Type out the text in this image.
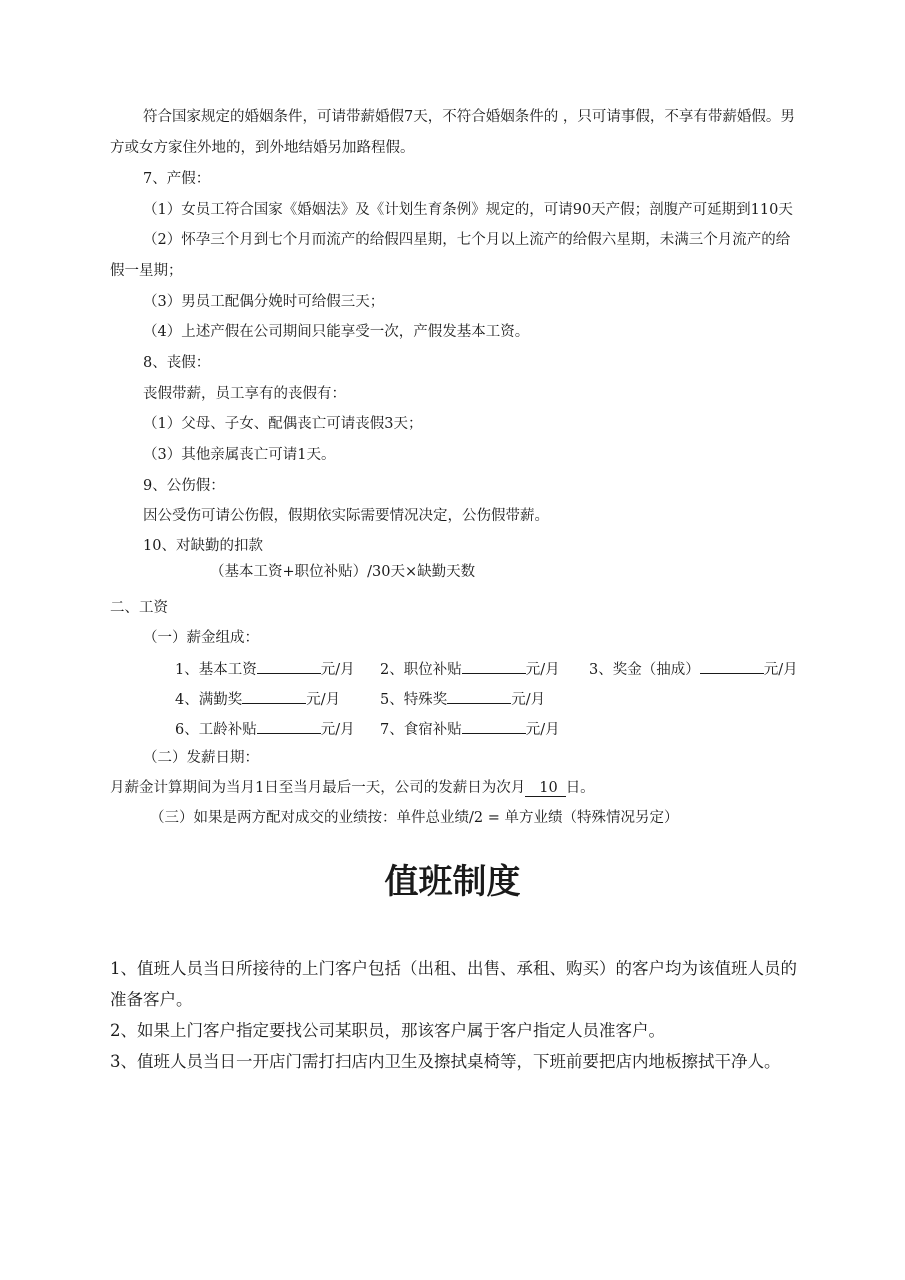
符合国家规定的婚姻条件，可请带薪婚假7天，不符合婚姻条件的 ，只可请事假，不享有带薪婚假。男
方或女方家住外地的，到外地结婚另加路程假。
7、产假：
（1）女员工符合国家《婚姻法》及《计划生育条例》规定的，可请90天产假；剖腹产可延期到110天
（2）怀孕三个月到七个月而流产的给假四星期，七个月以上流产的给假六星期，未满三个月流产的给
假一星期；
（3）男员工配偶分娩时可给假三天；
（4）上述产假在公司期间只能享受一次，产假发基本工资。
8、丧假：
丧假带薪，员工享有的丧假有：
（1）父母、子女、配偶丧亡可请丧假3天；
（3）其他亲属丧亡可请1天。
9、公伤假：
因公受伤可请公伤假，假期依实际需要情况决定，公伤假带薪。
10、对缺勤的扣款
（基本工资+职位补贴）/30天×缺勤天数
二、工资
（一）薪金组成：
1、基本工资	元/月 2、职位补贴	元/月 3、奖金（抽成）	元/月
4、满勤奖	元/月	5、特殊奖	元/月
6、工龄补贴	元/月 7、食宿补贴	元/月
（二）发薪日期：
月薪金计算期间为当月1日至当月最后一天，公司的发薪日为次月 10 日。
（三）如果是两方配对成交的业绩按：单件总业绩/2 = 单方业绩（特殊情况另定）
值班制度
1、值班人员当日所接待的上门客户包括（出租、出售、承租、购买）的客户均为该值班人员的
准备客户。
2、如果上门客户指定要找公司某职员，那该客户属于客户指定人员准客户。
3、值班人员当日一开店门需打扫店内卫生及擦拭桌椅等，下班前要把店内地板擦拭干净人。
